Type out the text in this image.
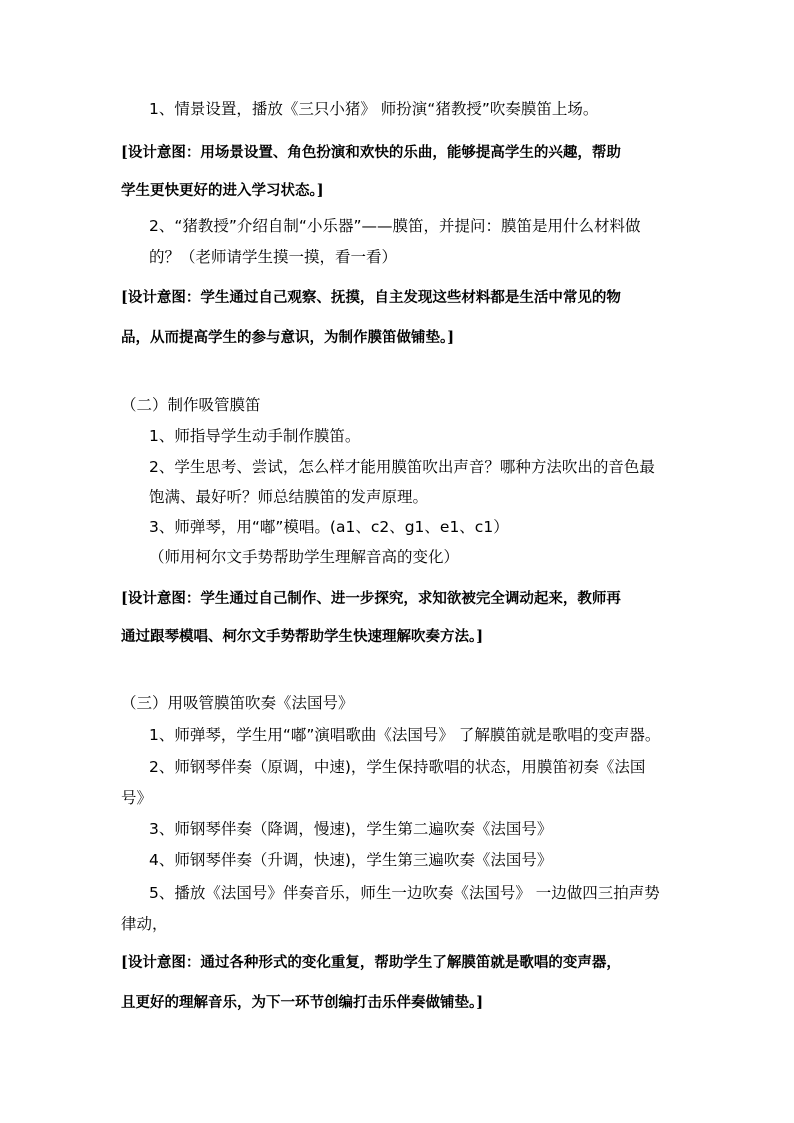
1、情景设置，播放《三只小猪》 师扮演“猪教授”吹奏膜笛上场。
[设计意图：用场景设置、角色扮演和欢快的乐曲，能够提高学生的兴趣，帮助
学生更快更好的进入学习状态。]
2、“猪教授”介绍自制“小乐器”——膜笛，并提问：膜笛是用什么材料做
的？（老师请学生摸一摸，看一看）
[设计意图：学生通过自己观察、抚摸，自主发现这些材料都是生活中常见的物
品，从而提高学生的参与意识，为制作膜笛做铺垫。]
（二）制作吸管膜笛
1、师指导学生动手制作膜笛。
2、学生思考、尝试，怎么样才能用膜笛吹出声音？哪种方法吹出的音色最
饱满、最好听？师总结膜笛的发声原理。
3、师弹琴，用“嘟”模唱。(a1、c2、g1、e1、c1）
（师用柯尔文手势帮助学生理解音高的变化）
[设计意图：学生通过自己制作、进一步探究，求知欲被完全调动起来，教师再
通过跟琴模唱、柯尔文手势帮助学生快速理解吹奏方法。]
（三）用吸管膜笛吹奏《法国号》
1、师弹琴，学生用“嘟”演唱歌曲《法国号》 了解膜笛就是歌唱的变声器。
2、师钢琴伴奏（原调，中速)，学生保持歌唱的状态，用膜笛初奏《法国
号》
3、师钢琴伴奏（降调，慢速)，学生第二遍吹奏《法国号》
4、师钢琴伴奏（升调，快速)，学生第三遍吹奏《法国号》
5、播放《法国号》伴奏音乐，师生一边吹奏《法国号》 一边做四三拍声势
律动，
[设计意图：通过各种形式的变化重复，帮助学生了解膜笛就是歌唱的变声器，
且更好的理解音乐，为下一环节创编打击乐伴奏做铺垫。]
